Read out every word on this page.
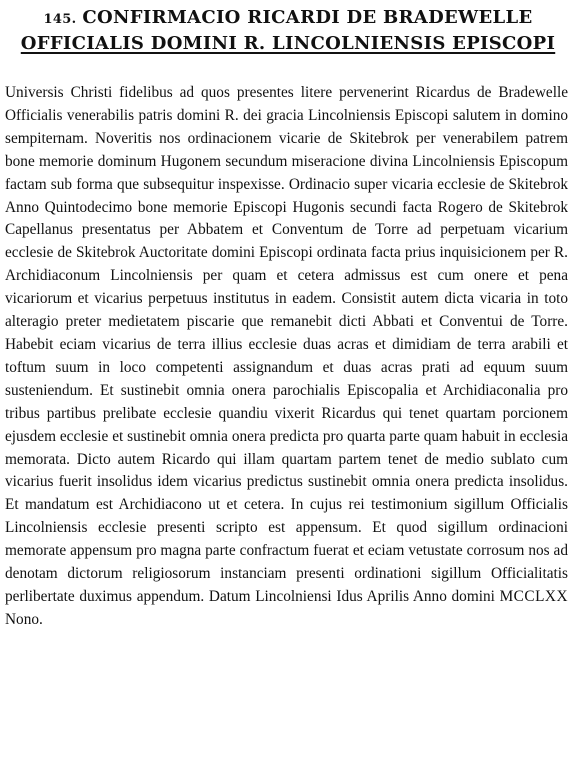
145. CONFIRMACIO RICARDI DE BRADEWELLE
OFFICIALIS DOMINI R. LINCOLNIENSIS EPISCOPI

Universis Christi fidelibus ad quos presentes litere pervenerint Ricardus de Bradewelle Officialis venerabilis patris domini R. dei gracia Lincolniensis Episcopi salutem in domino sempiternam. Noveritis nos ordinacionem vicarie de Skitebrok per venerabilem patrem bone memorie dominum Hugonem secundum miseracione divina Lincolniensis Episcopum factam sub forma que subsequitur inspexisse. Ordinacio super vicaria ecclesie de Skitebrok Anno Quintodecimo bone memorie Episcopi Hugonis secundi facta Rogero de Skitebrok Capellanus presentatus per Abbatem et Conventum de Torre ad perpetuam vicarium ecclesie de Skitebrok Auctoritate domini Episcopi ordinata facta prius inquisicionem per R. Archidiaconum Lincolniensis per quam et cetera admissus est cum onere et pena vicariorum et vicarius perpetuus institutus in eadem. Consistit autem dicta vicaria in toto alteragio preter medietatem piscarie que remanebit dicti Abbati et Conventui de Torre. Habebit eciam vicarius de terra illius ecclesie duas acras et dimidiam de terra arabili et toftum suum in loco competenti assignandum et duas acras prati ad equum suum susteniendum. Et sustinebit omnia onera parochialis Episcopalia et Archidiaconalia pro tribus partibus prelibate ecclesie quandiu vixerit Ricardus qui tenet quartam porcionem ejusdem ecclesie et sustinebit omnia onera predicta pro quarta parte quam habuit in ecclesia memorata. Dicto autem Ricardo qui illam quartam partem tenet de medio sublato cum vicarius fuerit insolidus idem vicarius predictus sustinebit omnia onera predicta insolidus. Et mandatum est Archidiacono ut et cetera. In cujus rei testimonium sigillum Officialis Lincolniensis ecclesie presenti scripto est appensum. Et quod sigillum ordinacioni memorate appensum pro magna parte confractum fuerat et eciam vetustate corrosum nos ad denotam dictorum religiosorum instanciam presenti ordinationi sigillum Officialitatis perlibertate duximus appendum. Datum Lincolniensi Idus Aprilis Anno domini MCCLXX Nono.
